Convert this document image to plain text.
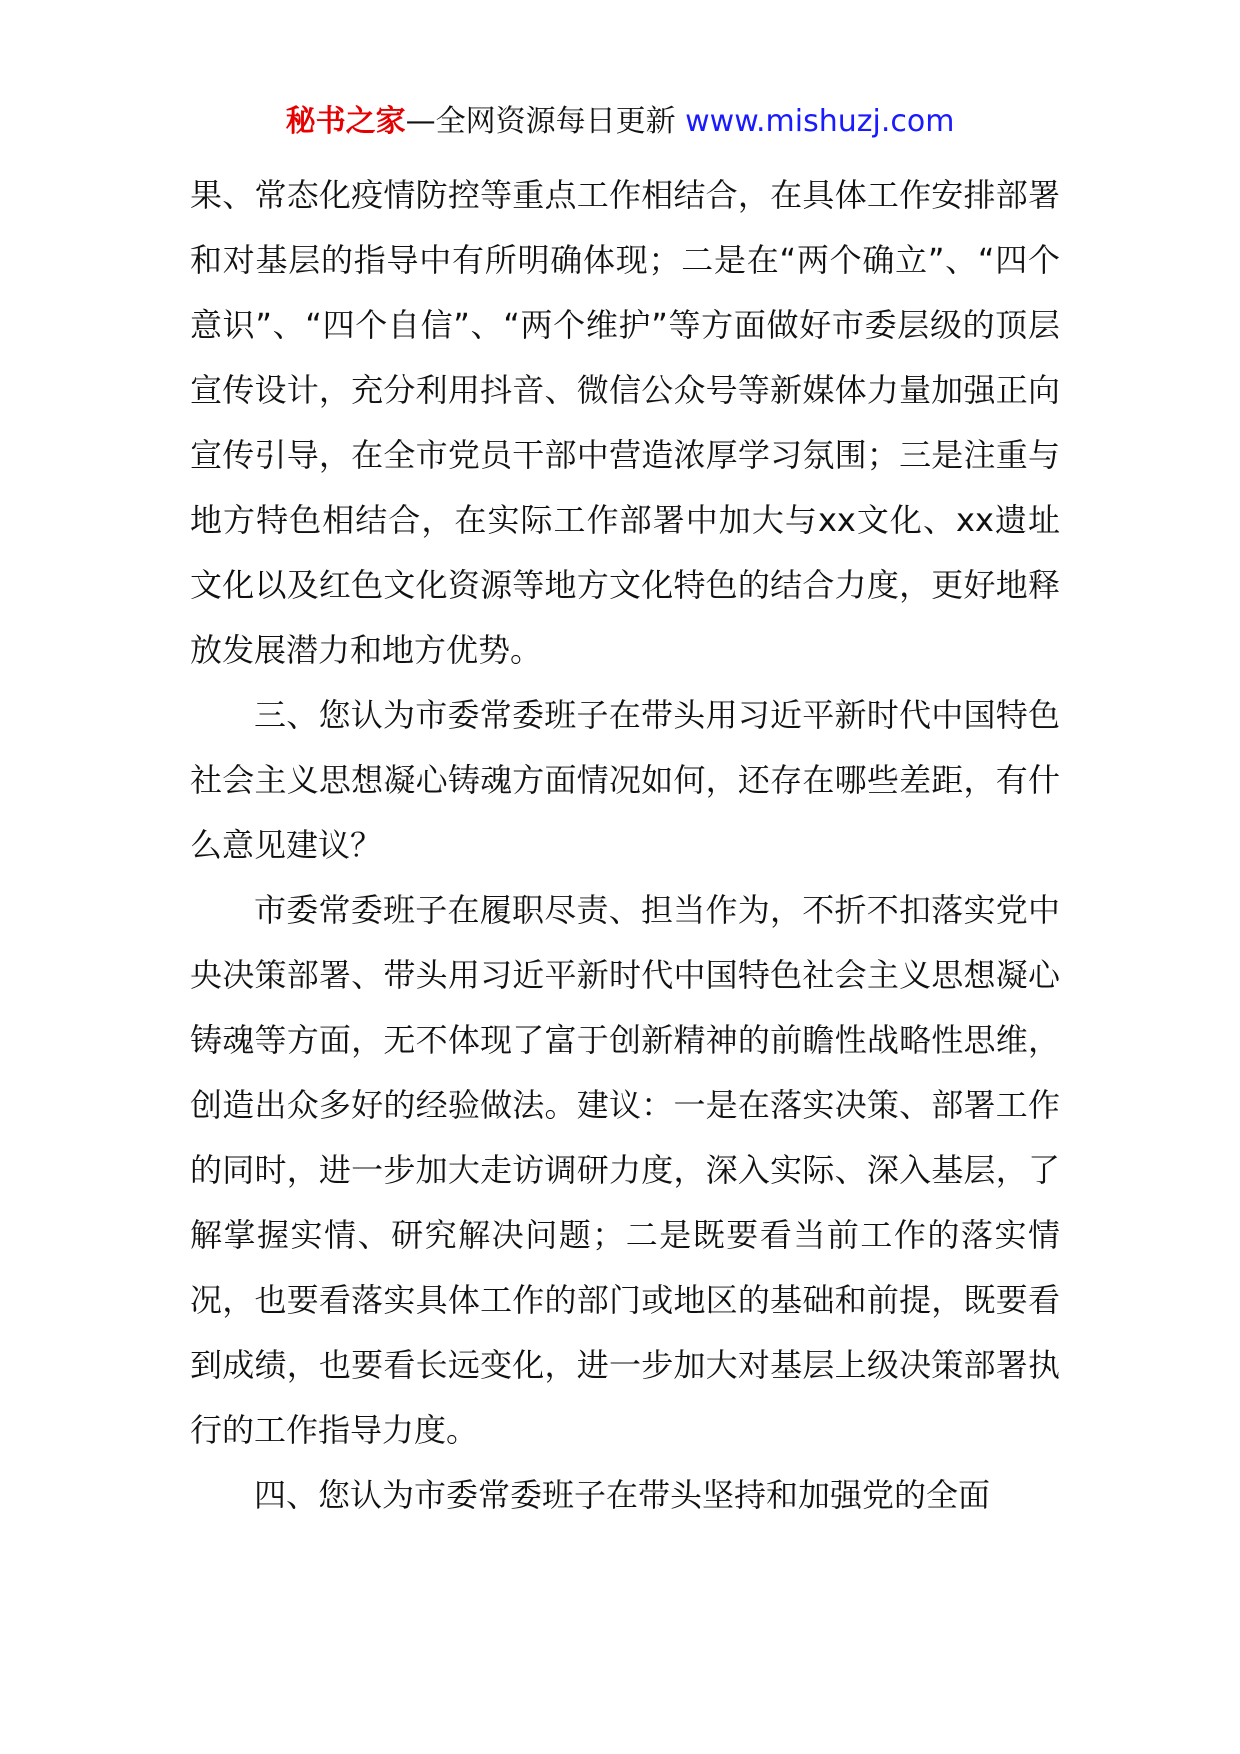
秘书之家—全网资源每日更新 www.mishuzj.com

果、常态化疫情防控等重点工作相结合，在具体工作安排部署和对基层的指导中有所明确体现；二是在“两个确立”、“四个意识”、“四个自信”、“两个维护”等方面做好市委层级的顶层宣传设计，充分利用抖音、微信公众号等新媒体力量加强正向宣传引导，在全市党员干部中营造浓厚学习氛围；三是注重与地方特色相结合，在实际工作部署中加大与xx文化、xx遗址文化以及红色文化资源等地方文化特色的结合力度，更好地释放发展潜力和地方优势。

三、您认为市委常委班子在带头用习近平新时代中国特色社会主义思想凝心铸魂方面情况如何，还存在哪些差距，有什么意见建议？

市委常委班子在履职尽责、担当作为，不折不扣落实党中央决策部署、带头用习近平新时代中国特色社会主义思想凝心铸魂等方面，无不体现了富于创新精神的前瞻性战略性思维，创造出众多好的经验做法。建议：一是在落实决策、部署工作的同时，进一步加大走访调研力度，深入实际、深入基层，了解掌握实情、研究解决问题；二是既要看当前工作的落实情况，也要看落实具体工作的部门或地区的基础和前提，既要看到成绩，也要看长远变化，进一步加大对基层上级决策部署执行的工作指导力度。

四、您认为市委常委班子在带头坚持和加强党的全面
